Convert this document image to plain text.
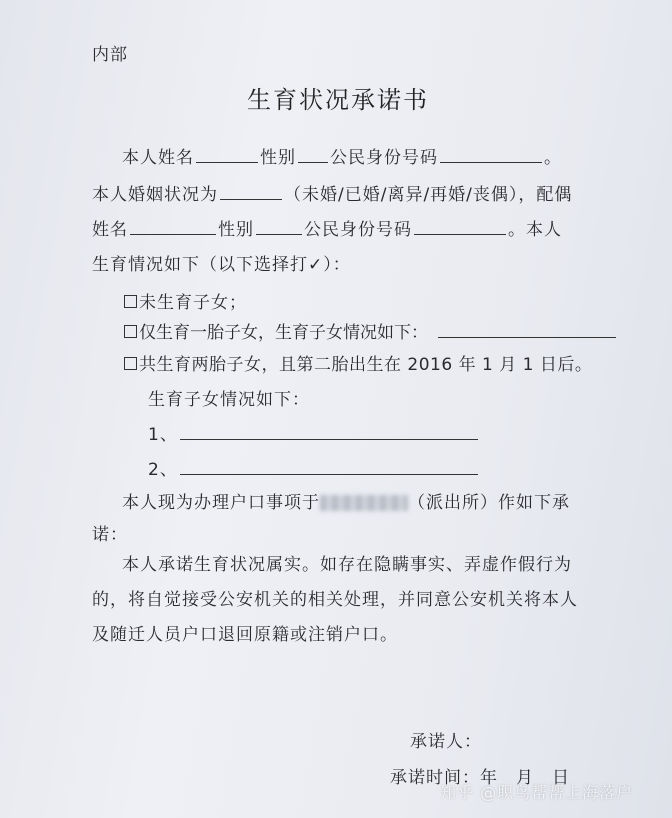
内部
生育状况承诺书
本人姓名	性别 公民身份号码	。
本人婚姻状况为	（未婚/已婚/离异/再婚/丧偶），配偶
姓名	性别	公民身份号码	。本人
生育情况如下（以下选择打✓）：
未生育子女；
仅生育一胎子女，生育子女情况如下：
共生育两胎子女，且第二胎出生在 2016 年 1 月 1 日后。
生育子女情况如下：
1、
2、
本人现为办理户口事项于	（派出所）作如下承
诺：
本人承诺生育状况属实。如存在隐瞒事实、弄虚作假行为
的，将自觉接受公安机关的相关处理，并同意公安机关将本人
及随迁人员户口退回原籍或注销户口。
承诺人：
承诺时间：年　月　日
知乎 @职鸟帮帮上海落户
